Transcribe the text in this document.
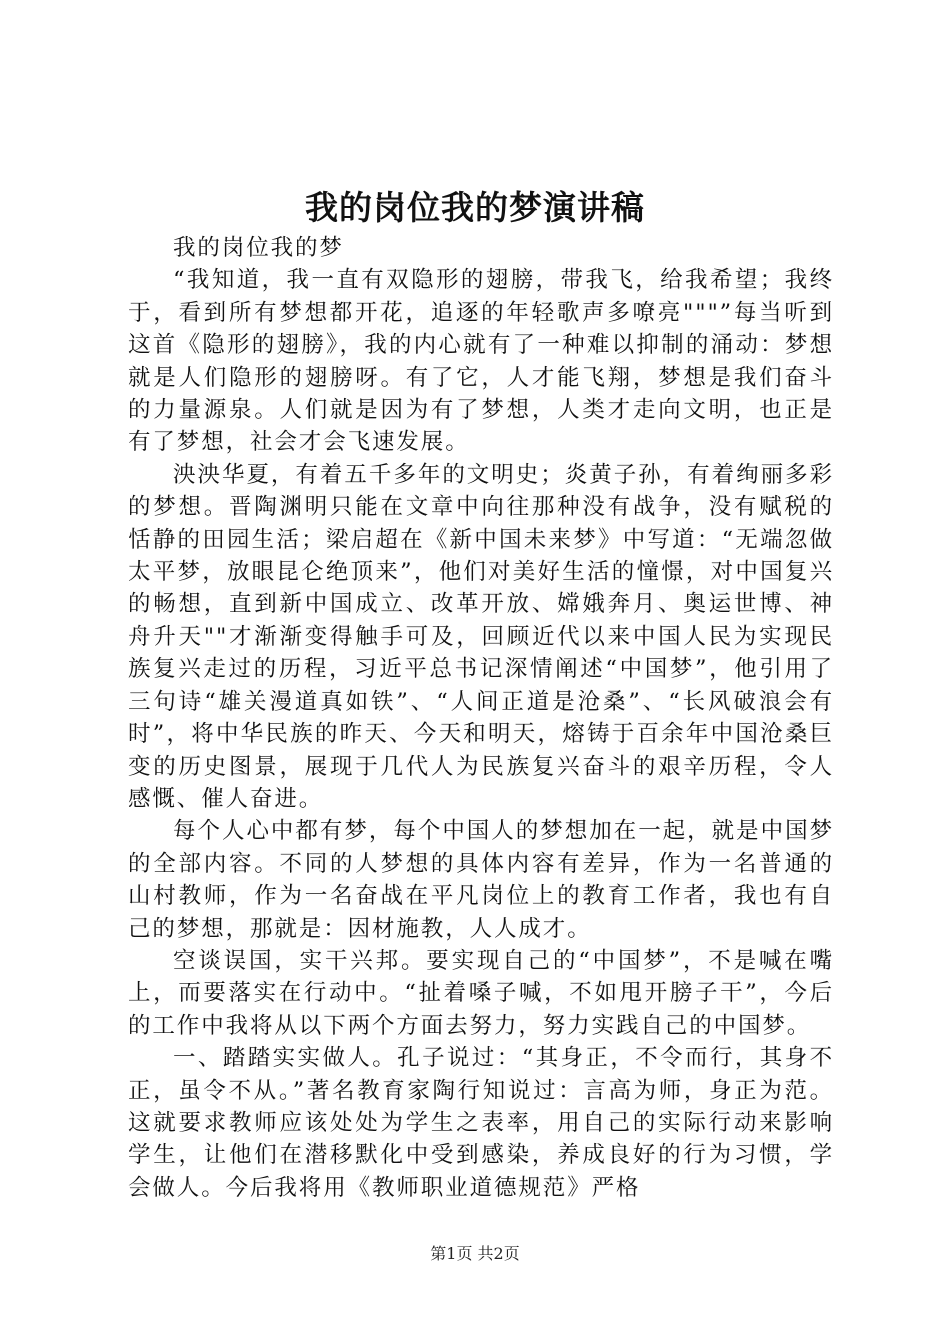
我的岗位我的梦演讲稿

我的岗位我的梦

“我知道，我一直有双隐形的翅膀，带我飞，给我希望；我终于，看到所有梦想都开花，追逐的年轻歌声多嘹亮"""”每当听到这首《隐形的翅膀》，我的内心就有了一种难以抑制的涌动：梦想就是人们隐形的翅膀呀。有了它，人才能飞翔，梦想是我们奋斗的力量源泉。人们就是因为有了梦想，人类才走向文明，也正是有了梦想，社会才会飞速发展。

泱泱华夏，有着五千多年的文明史；炎黄子孙，有着绚丽多彩的梦想。晋陶渊明只能在文章中向往那种没有战争，没有赋税的恬静的田园生活；梁启超在《新中国未来梦》中写道：“无端忽做太平梦，放眼昆仑绝顶来”，他们对美好生活的憧憬，对中国复兴的畅想，直到新中国成立、改革开放、嫦娥奔月、奥运世博、神舟升天""才渐渐变得触手可及，回顾近代以来中国人民为实现民族复兴走过的历程，习近平总书记深情阐述“中国梦”，他引用了三句诗“雄关漫道真如铁”、“人间正道是沧桑”、“长风破浪会有时”，将中华民族的昨天、今天和明天，熔铸于百余年中国沧桑巨变的历史图景，展现于几代人为民族复兴奋斗的艰辛历程，令人感慨、催人奋进。

每个人心中都有梦，每个中国人的梦想加在一起，就是中国梦的全部内容。不同的人梦想的具体内容有差异，作为一名普通的山村教师，作为一名奋战在平凡岗位上的教育工作者，我也有自己的梦想，那就是：因材施教，人人成才。

空谈误国，实干兴邦。要实现自己的“中国梦”，不是喊在嘴上，而要落实在行动中。“扯着嗓子喊，不如甩开膀子干”，今后的工作中我将从以下两个方面去努力，努力实践自己的中国梦。

一、踏踏实实做人。孔子说过：“其身正，不令而行，其身不正，虽令不从。”著名教育家陶行知说过：言高为师，身正为范。这就要求教师应该处处为学生之表率，用自己的实际行动来影响学生，让他们在潜移默化中受到感染，养成良好的行为习惯，学会做人。今后我将用《教师职业道德规范》严格

第1页 共2页
